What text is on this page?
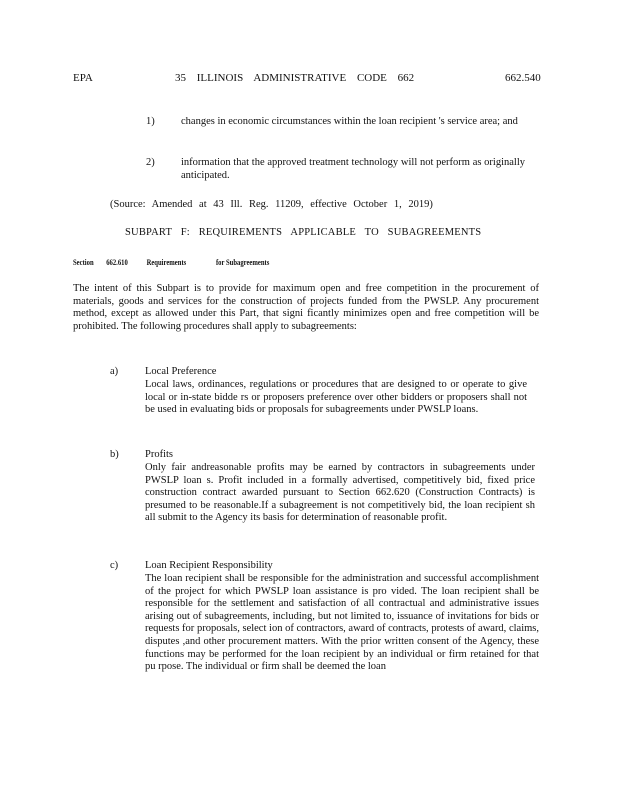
EPA	35 ILLINOIS ADMINISTRATIVE CODE 662	662.540
1)	changes in economic circumstances within the loan recipient 's service area; and
2)	information that the approved treatment technology will not perform as originally anticipated.
(Source: Amended at 43 Ill. Reg. 11209, effective October 1, 2019)
SUBPART F: REQUIREMENTS APPLICABLE TO SUBAGREEMENTS
Section 662.610 Requirements	for Subagreements
The intent of this Subpart is to provide for maximum open and free competition in the procurement of materials, goods and services for the construction of projects funded from the PWSLP. Any procurement method, except as allowed under this Part, that signi ficantly minimizes open and free competition will be prohibited. The following procedures shall apply to subagreements:
a)	Local Preference
Local laws, ordinances, regulations or procedures that are designed to or operate to give local or in-state bidde rs or proposers preference over other bidders or proposers shall not be used in evaluating bids or proposals for subagreements under PWSLP loans.
b)	Profits
Only fair andreasonable profits may be earned by contractors in subagreements under PWSLP loan s. Profit included in a formally advertised, competitively bid, fixed price construction contract awarded pursuant to Section 662.620 (Construction Contracts) is presumed to be reasonable.If a subagreement is not competitively bid, the loan recipient sh all submit to the Agency its basis for determination of reasonable profit.
c)	Loan Recipient Responsibility
The loan recipient shall be responsible for the administration and successful accomplishment of the project for which PWSLP loan assistance is pro vided. The loan recipient shall be responsible for the settlement and satisfaction of all contractual and administrative issues arising out of subagreements, including, but not limited to, issuance of invitations for bids or requests for proposals, select ion of contractors, award of contracts, protests of award, claims, disputes ,and other procurement matters. With the prior written consent of the Agency, these functions may be performed for the loan recipient by an individual or firm retained for that pu rpose. The individual or firm shall be deemed the loan
